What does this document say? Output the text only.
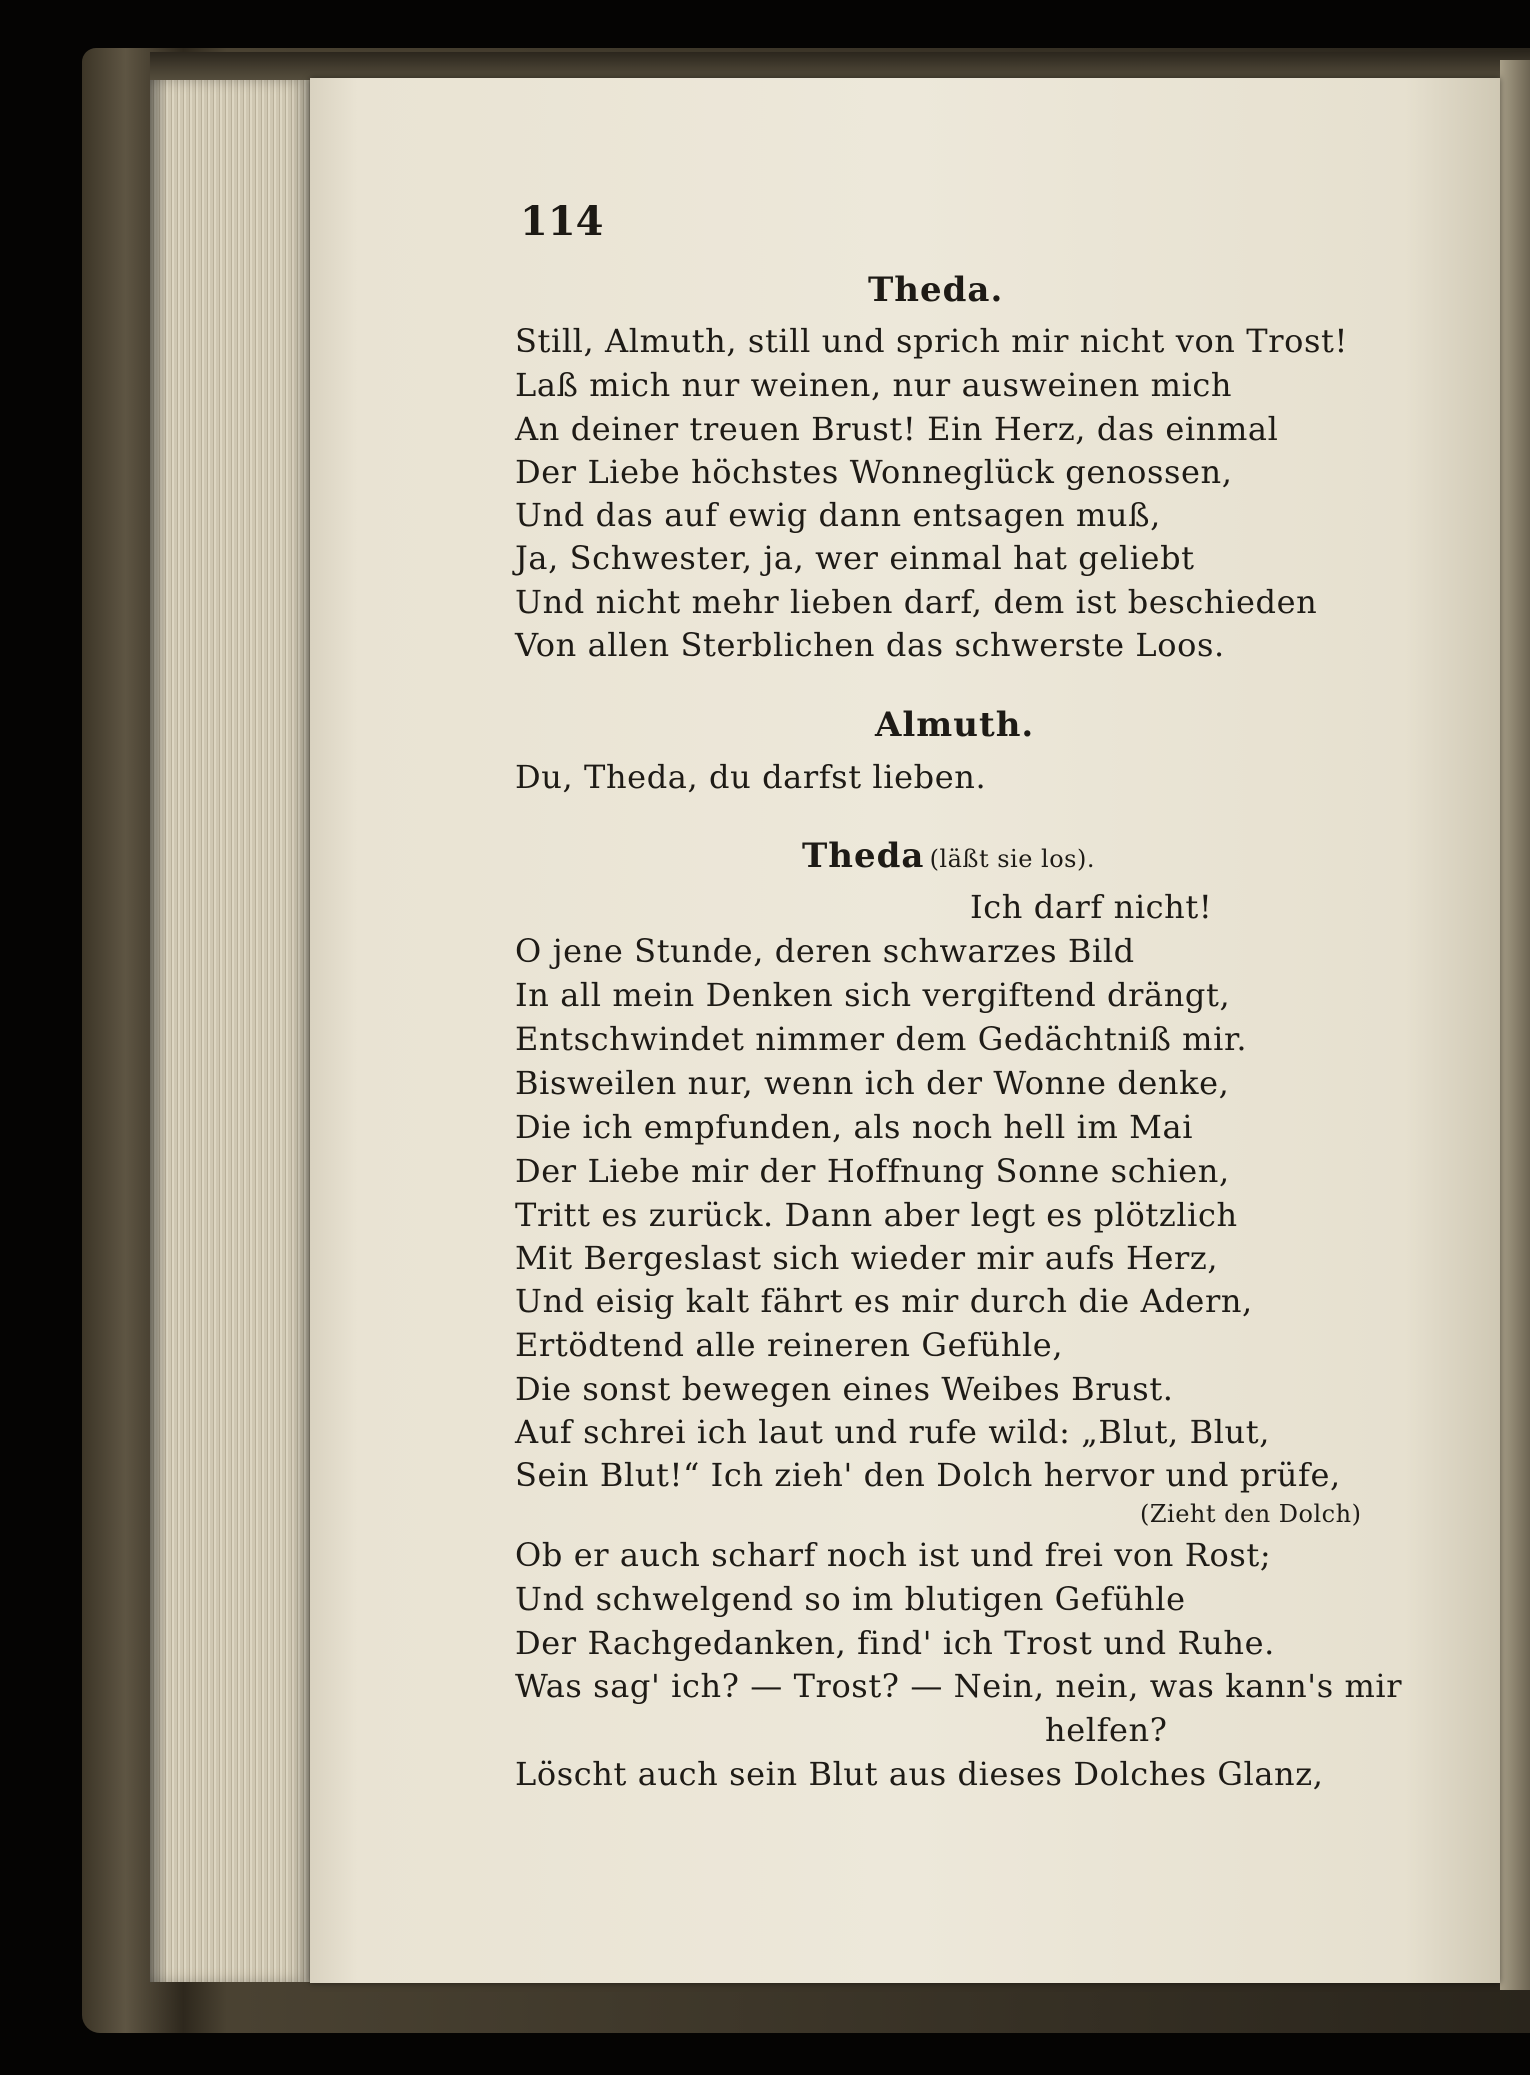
114

Theda.

Still, Almuth, still und sprich mir nicht von Trost!

Laß mich nur weinen, nur ausweinen mich

An deiner treuen Brust! Ein Herz, das einmal

Der Liebe höchstes Wonneglück genossen,

Und das auf ewig dann entsagen muß,

Ja, Schwester, ja, wer einmal hat geliebt

Und nicht mehr lieben darf, dem ist beschieden

Von allen Sterblichen das schwerste Loos.

Almuth.

Du, Theda, du darfst lieben.

Theda (läßt sie los).

Ich darf nicht!

O jene Stunde, deren schwarzes Bild

In all mein Denken sich vergiftend drängt,

Entschwindet nimmer dem Gedächtniß mir.

Bisweilen nur, wenn ich der Wonne denke,

Die ich empfunden, als noch hell im Mai

Der Liebe mir der Hoffnung Sonne schien,

Tritt es zurück. Dann aber legt es plötzlich

Mit Bergeslast sich wieder mir aufs Herz,

Und eisig kalt fährt es mir durch die Adern,

Ertödtend alle reineren Gefühle,

Die sonst bewegen eines Weibes Brust.

Auf schrei ich laut und rufe wild: „Blut, Blut,

Sein Blut!“ Ich zieh' den Dolch hervor und prüfe,

(Zieht den Dolch)

Ob er auch scharf noch ist und frei von Rost;

Und schwelgend so im blutigen Gefühle

Der Rachgedanken, find' ich Trost und Ruhe.

Was sag' ich? — Trost? — Nein, nein, was kann's mir

helfen?

Löscht auch sein Blut aus dieses Dolches Glanz,
